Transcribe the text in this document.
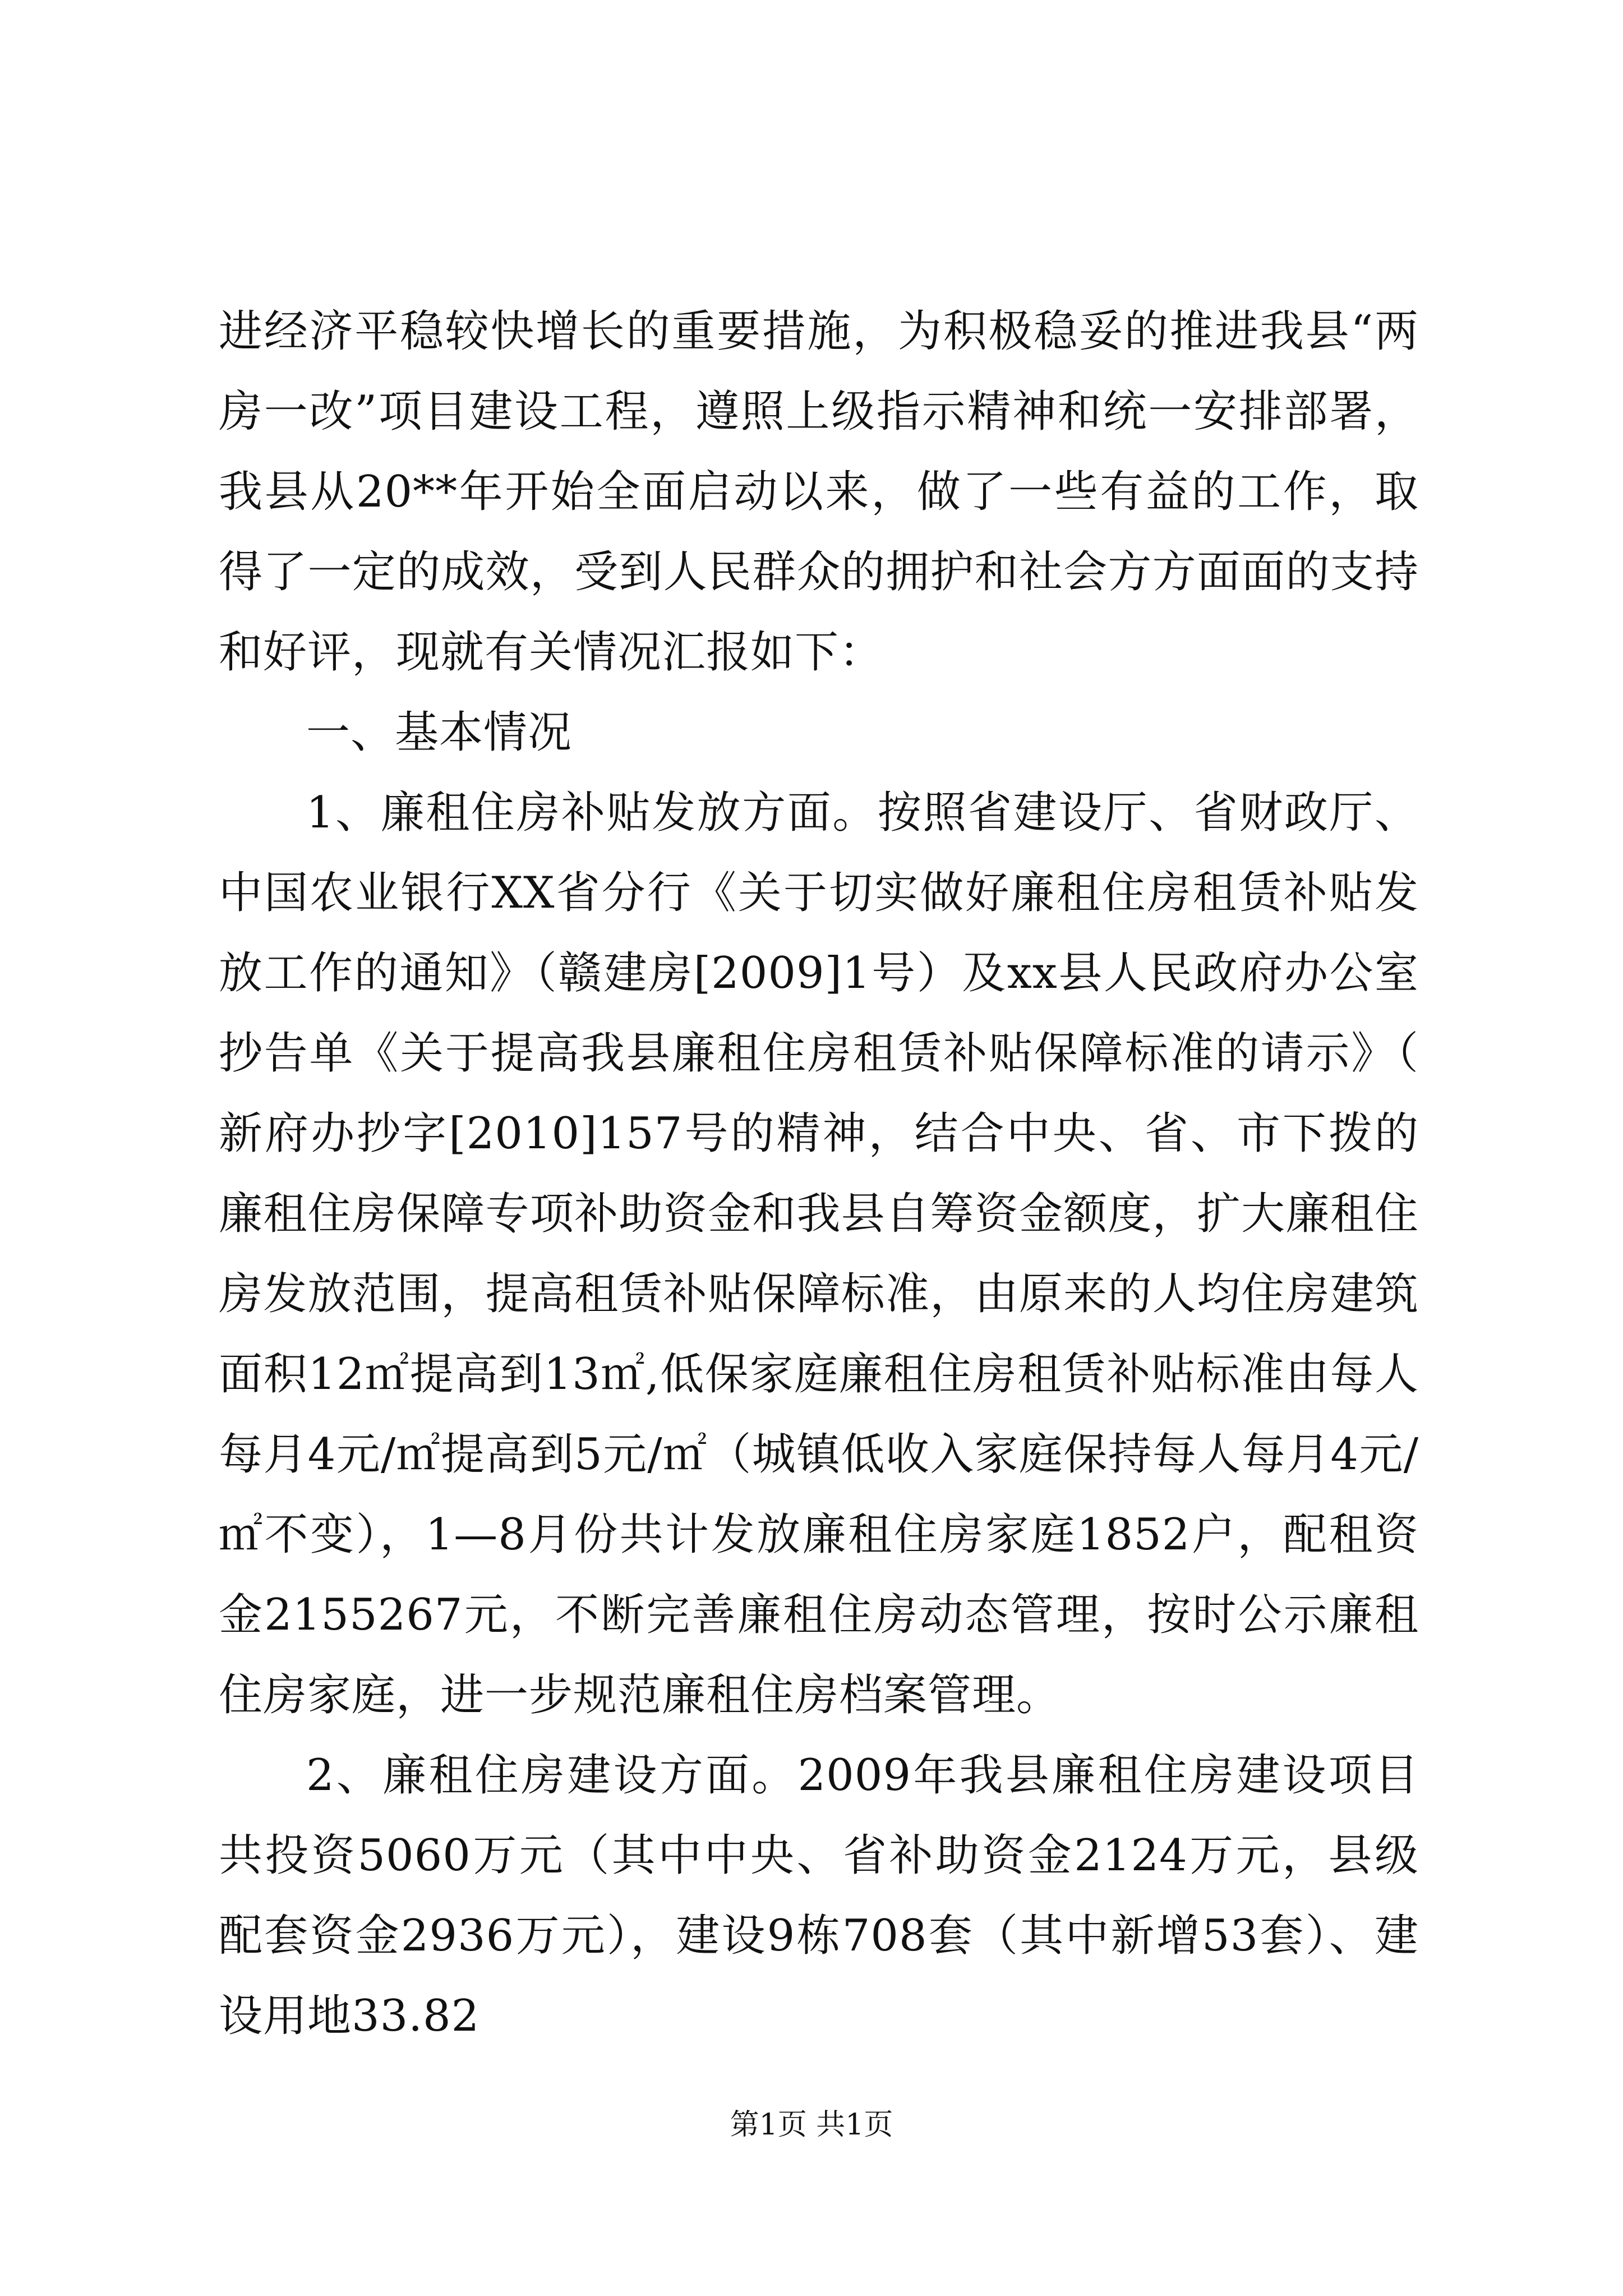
进经济平稳较快增长的重要措施，为积极稳妥的推进我县“两房一改”项目建设工程，遵照上级指示精神和统一安排部署，我县从20**年开始全面启动以来，做了一些有益的工作，取得了一定的成效，受到人民群众的拥护和社会方方面面的支持和好评，现就有关情况汇报如下：

一、基本情况

1、廉租住房补贴发放方面。按照省建设厅、省财政厅、中国农业银行XX省分行《关于切实做好廉租住房租赁补贴发放工作的通知》（赣建房[2009]1号）及xx县人民政府办公室抄告单《关于提高我县廉租住房租赁补贴保障标准的请示》（新府办抄字[2010]157号的精神，结合中央、省、市下拨的廉租住房保障专项补助资金和我县自筹资金额度，扩大廉租住房发放范围，提高租赁补贴保障标准，由原来的人均住房建筑面积12㎡提高到13㎡,低保家庭廉租住房租赁补贴标准由每人每月4元/㎡提高到5元/㎡（城镇低收入家庭保持每人每月4元/㎡不变），1—8月份共计发放廉租住房家庭1852户，配租资金2155267元，不断完善廉租住房动态管理，按时公示廉租住房家庭，进一步规范廉租住房档案管理。

2、廉租住房建设方面。2009年我县廉租住房建设项目共投资5060万元（其中中央、省补助资金2124万元，县级配套资金2936万元），建设9栋708套（其中新增53套）、建设用地33.82

第1页 共1页
